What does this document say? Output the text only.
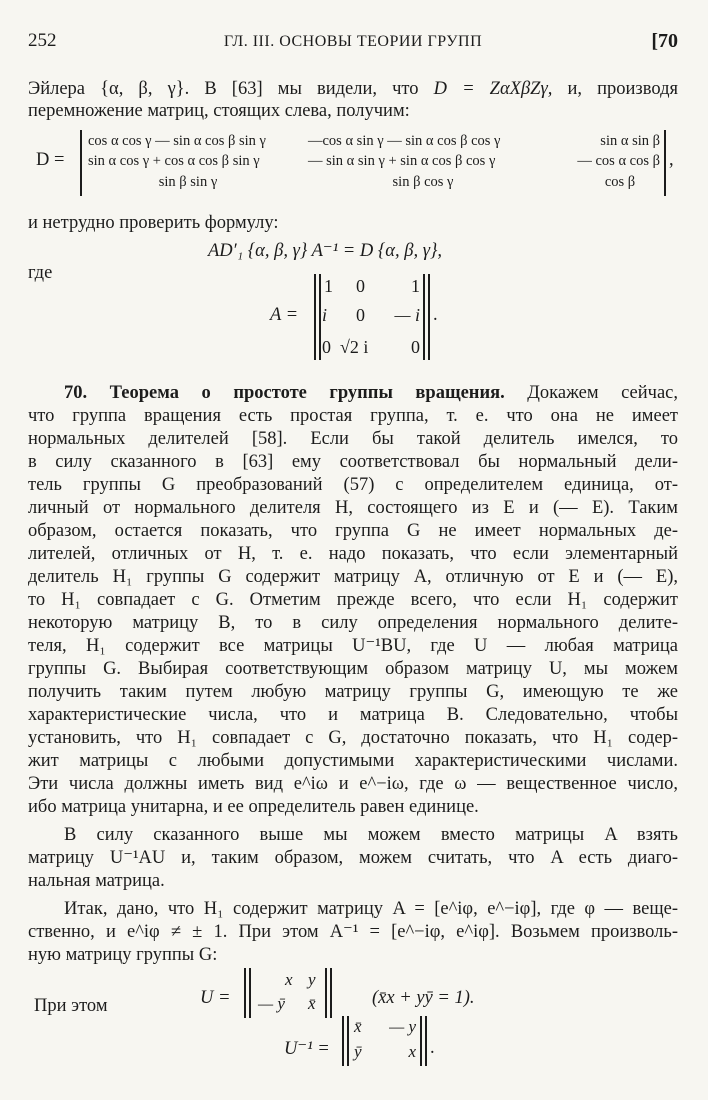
252	ГЛ. III. ОСНОВЫ ТЕОРИИ ГРУПП	[70
Эйлера {α, β, γ}. В [63] мы видели, что D = ZαXβZγ, и, производя
перемножение матриц, стоящих слева, получим:
D =	,
cos α cos γ — sin α cos β sin γ	—cos α sin γ — sin α cos β cos γ	sin α sin β
sin α cos γ + cos α cos β sin γ	— sin α sin γ + sin α cos β cos γ	— cos α cos β
sin β sin γ	sin β cos γ	cos β
и нетрудно проверить формулу:
AD′₁ {α, β, γ} A⁻¹ = D {α, β, γ},
где
A =	.
1 0	1
i 0	— i
0 √2 i	0
70. Теорема о простоте группы вращения. Докажем сейчас,
что группа вращения есть простая группа, т. е. что она не имеет
нормальных делителей [58]. Если бы такой делитель имелся, то
в силу сказанного в [63] ему соответствовал бы нормальный дели-
тель группы G преобразований (57) с определителем единица, от-
личный от нормального делителя H, состоящего из E и (— E). Таким
образом, остается показать, что группа G не имеет нормальных де-
лителей, отличных от H, т. е. надо показать, что если элементарный
делитель H₁ группы G содержит матрицу A, отличную от E и (— E),
то H₁ совпадает с G. Отметим прежде всего, что если H₁ содержит
некоторую матрицу B, то в силу определения нормального делите-
теля, H₁ содержит все матрицы U⁻¹BU, где U — любая матрица
группы G. Выбирая соответствующим образом матрицу U, мы можем
получить таким путем любую матрицу группы G, имеющую те же
характеристические числа, что и матрица B. Следовательно, чтобы
установить, что H₁ совпадает с G, достаточно показать, что H₁ содер-
жит матрицы с любыми допустимыми характеристическими числами.
Эти числа должны иметь вид e^iω и e^−iω, где ω — вещественное число,
ибо матрица унитарна, и ее определитель равен единице.
В силу сказанного выше мы можем вместо матрицы A взять
матрицу U⁻¹AU и, таким образом, можем считать, что A есть диаго-
нальная матрица.
Итак, дано, что H₁ содержит матрицу A = [e^iφ, e^−iφ], где φ — веще-
ственно, и e^iφ ≠ ± 1. При этом A⁻¹ = [e^−iφ, e^iφ]. Возьмем произволь-
ную матрицу группы G:
U =
x y
— ȳ x̄	(x̄x + yȳ = 1).
При этом
U⁻¹ =
x̄	— y
ȳ	x .
